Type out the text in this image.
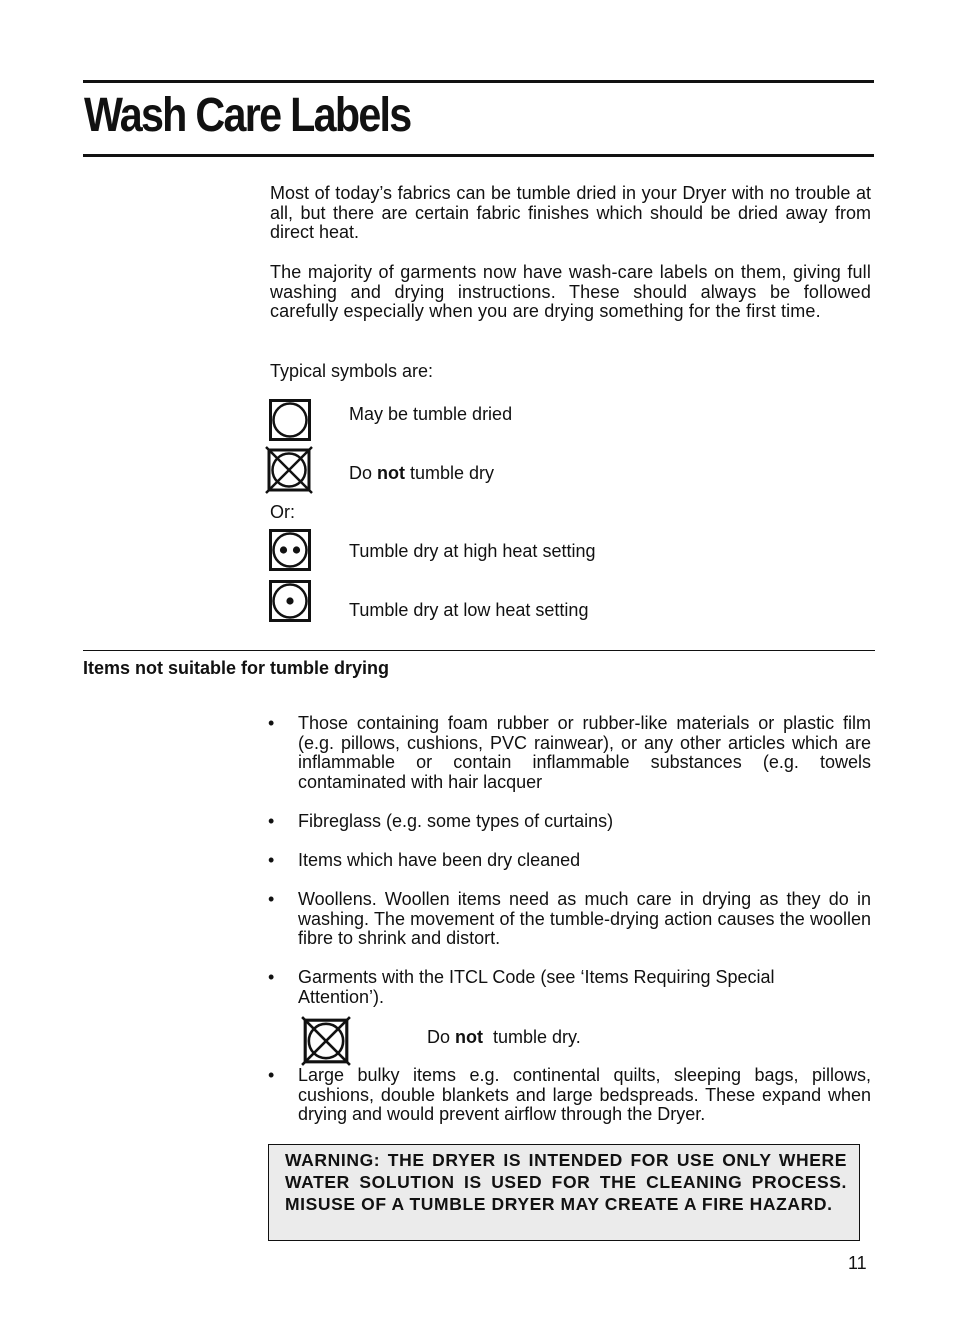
Wash Care Labels

Most of today’s fabrics can be tumble dried in your Dryer with no trouble at all, but there are certain fabric finishes which should be dried away from direct heat.

The majority of garments now have wash-care labels on them, giving full washing and drying instructions. These should always be followed carefully especially when you are drying something for the first time.

Typical symbols are:
May be tumble dried
Do not tumble dry
Or:
Tumble dry at high heat setting
Tumble dry at low heat setting
Items not suitable for tumble drying
• Those containing foam rubber or rubber-like materials or plastic film (e.g. pillows, cushions, PVC rainwear), or any other articles which are inflammable or contain inflammable substances (e.g. towels contaminated with hair lacquer
• Fibreglass (e.g. some types of curtains)
• Items which have been dry cleaned
• Woollens. Woollen items need as much care in drying as they do in washing. The movement of the tumble-drying action causes the woollen fibre to shrink and distort.
• Garments with the ITCL Code (see ‘Items Requiring Special Attention’).
Do not  tumble dry.
• Large bulky items e.g. continental quilts, sleeping bags, pillows, cushions, double blankets and large bedspreads. These expand when drying and would prevent airflow through the Dryer.
WARNING: THE DRYER IS INTENDED FOR USE ONLY WHERE WATER SOLUTION IS USED FOR THE CLEANING PROCESS. MISUSE OF A TUMBLE DRYER MAY CREATE A FIRE HAZARD.
11
